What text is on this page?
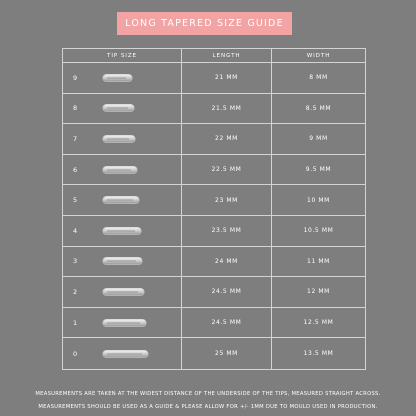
LONG TAPERED SIZE GUIDE
TIP SIZE	LENGTH	WIDTH
9	21 MM	8 MM
8	21.5 MM	8.5 MM
7	22 MM	9 MM
6	22.5 MM	9.5 MM
5	23 MM	10 MM
4	23.5 MM	10.5 MM
3	24 MM	11 MM
2	24.5 MM	12 MM
1	24.5 MM	12.5 MM
0	25 MM	13.5 MM
MEASUREMENTS ARE TAKEN AT THE WIDEST DISTANCE OF THE UNDERSIDE OF THE TIPS, MEASURED STRAIGHT ACROSS.
MEASUREMENTS SHOULD BE USED AS A GUIDE & PLEASE ALLOW FOR +/- 1MM DUE TO MOULD USED IN PRODUCTION.
